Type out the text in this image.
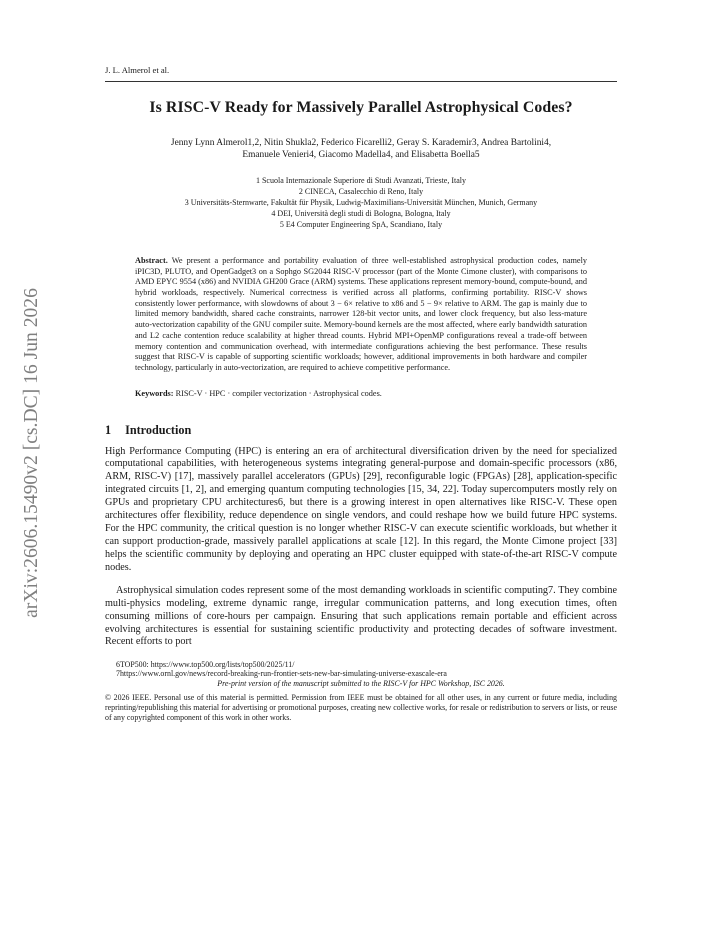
arXiv:2606.15490v2 [cs.DC] 16 Jun 2026
J. L. Almerol et al.
Is RISC-V Ready for Massively Parallel Astrophysical Codes?
Jenny Lynn Almerol1,2, Nitin Shukla2, Federico Ficarelli2, Geray S. Karademir3, Andrea Bartolini4,
Emanuele Venieri4, Giacomo Madella4, and Elisabetta Boella5
1 Scuola Internazionale Superiore di Studi Avanzati, Trieste, Italy
2 CINECA, Casalecchio di Reno, Italy
3 Universitäts-Sternwarte, Fakultät für Physik, Ludwig-Maximilians-Universität München, Munich, Germany
4 DEI, Università degli studi di Bologna, Bologna, Italy
5 E4 Computer Engineering SpA, Scandiano, Italy
Abstract. We present a performance and portability evaluation of three well-established astrophysical production codes, namely iPIC3D, PLUTO, and OpenGadget3 on a Sophgo SG2044 RISC-V processor (part of the Monte Cimone cluster), with comparisons to AMD EPYC 9554 (x86) and NVIDIA GH200 Grace (ARM) systems. These applications represent memory-bound, compute-bound, and hybrid workloads, respectively. Numerical correctness is verified across all platforms, confirming portability. RISC-V shows consistently lower performance, with slowdowns of about 3 − 6× relative to x86 and 5 − 9× relative to ARM. The gap is mainly due to limited memory bandwidth, shared cache constraints, narrower 128-bit vector units, and lower clock frequency, but also less-mature auto-vectorization capability of the GNU compiler suite. Memory-bound kernels are the most affected, where early bandwidth saturation and L2 cache contention reduce scalability at higher thread counts. Hybrid MPI+OpenMP configurations reveal a trade-off between memory contention and communication overhead, with intermediate configurations achieving the best performance. These results suggest that RISC-V is capable of supporting scientific workloads; however, additional improvements in both hardware and compiler technology, particularly in auto-vectorization, are required to achieve competitive performance.
Keywords: RISC-V · HPC · compiler vectorization · Astrophysical codes.
1 Introduction

High Performance Computing (HPC) is entering an era of architectural diversification driven by the need for specialized computational capabilities, with heterogeneous systems integrating general-purpose and domain-specific processors (x86, ARM, RISC-V) [17], massively parallel accelerators (GPUs) [29], reconfigurable logic (FPGAs) [28], application-specific integrated circuits [1, 2], and emerging quantum computing technologies [15, 34, 22]. Today supercomputers mostly rely on GPUs and proprietary CPU architectures6, but there is a growing interest in open alternatives like RISC-V. These open architectures offer flexibility, reduce dependence on single vendors, and could reshape how we build future HPC systems. For the HPC community, the critical question is no longer whether RISC-V can execute scientific workloads, but whether it can support production-grade, massively parallel applications at scale [12]. In this regard, the Monte Cimone project [33] helps the scientific community by deploying and operating an HPC cluster equipped with state-of-the-art RISC-V compute nodes.

Astrophysical simulation codes represent some of the most demanding workloads in scientific computing7. They combine multi-physics modeling, extreme dynamic range, irregular communication patterns, and long execution times, often consuming millions of core-hours per campaign. Ensuring that such applications remain portable and efficient across evolving architectures is essential for sustaining scientific productivity and protecting decades of software investment. Recent efforts to port

6TOP500: https://www.top500.org/lists/top500/2025/11/
7https://www.ornl.gov/news/record-breaking-run-frontier-sets-new-bar-simulating-universe-exascale-era
Pre-print version of the manuscript submitted to the RISC-V for HPC Workshop, ISC 2026.
© 2026 IEEE. Personal use of this material is permitted. Permission from IEEE must be obtained for all other uses, in any current or future media, including reprinting/republishing this material for advertising or promotional purposes, creating new collective works, for resale or redistribution to servers or lists, or reuse of any copyrighted component of this work in other works.
